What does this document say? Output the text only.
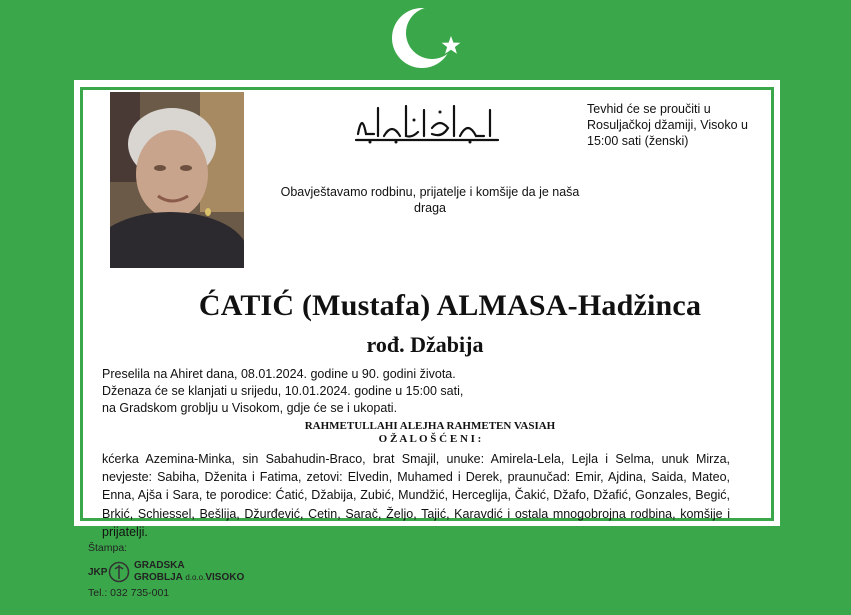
Tevhid će se proučiti u Rosuljačkoj džamiji, Visoko u 15:00 sati (ženski)
Obavještavamo rodbinu, prijatelje i komšije da je naša draga
ĆATIĆ (Mustafa) ALMASA-Hadžinca
rođ. Džabija
Preselila na Ahiret dana, 08.01.2024. godine u 90. godini života.
Dženaza će se klanjati u srijedu, 10.01.2024. godine u 15:00 sati,
na Gradskom groblju u Visokom, gdje će se i ukopati.
RAHMETULLAHI ALEJHA RAHMETEN VASIAH
O Ž A L O Š Ć E N I :
kćerka Azemina-Minka, sin Sabahudin-Braco, brat Smajil, unuke: Amirela-Lela, Lejla i Selma, unuk Mirza, nevjeste: Sabiha, Dženita i Fatima, zetovi: Elvedin, Muhamed i Derek, praunučad: Emir, Ajdina, Saida, Mateo, Enna, Ajša i Sara, te porodice: Ćatić, Džabija, Zubić, Mundžić, Herceglija, Čakić, Džafo, Džafić, Gonzales, Begić, Brkić, Schiessel, Bešlija, Džurđević, Cetin, Sarač, Željo, Tajić, Karavdić i ostala mnogobrojna rodbina, komšije i prijatelji.
Štampa:
JKP
GRADSKA
GROBLJA d.o.o.VISOKO
Tel.: 032 735-001
